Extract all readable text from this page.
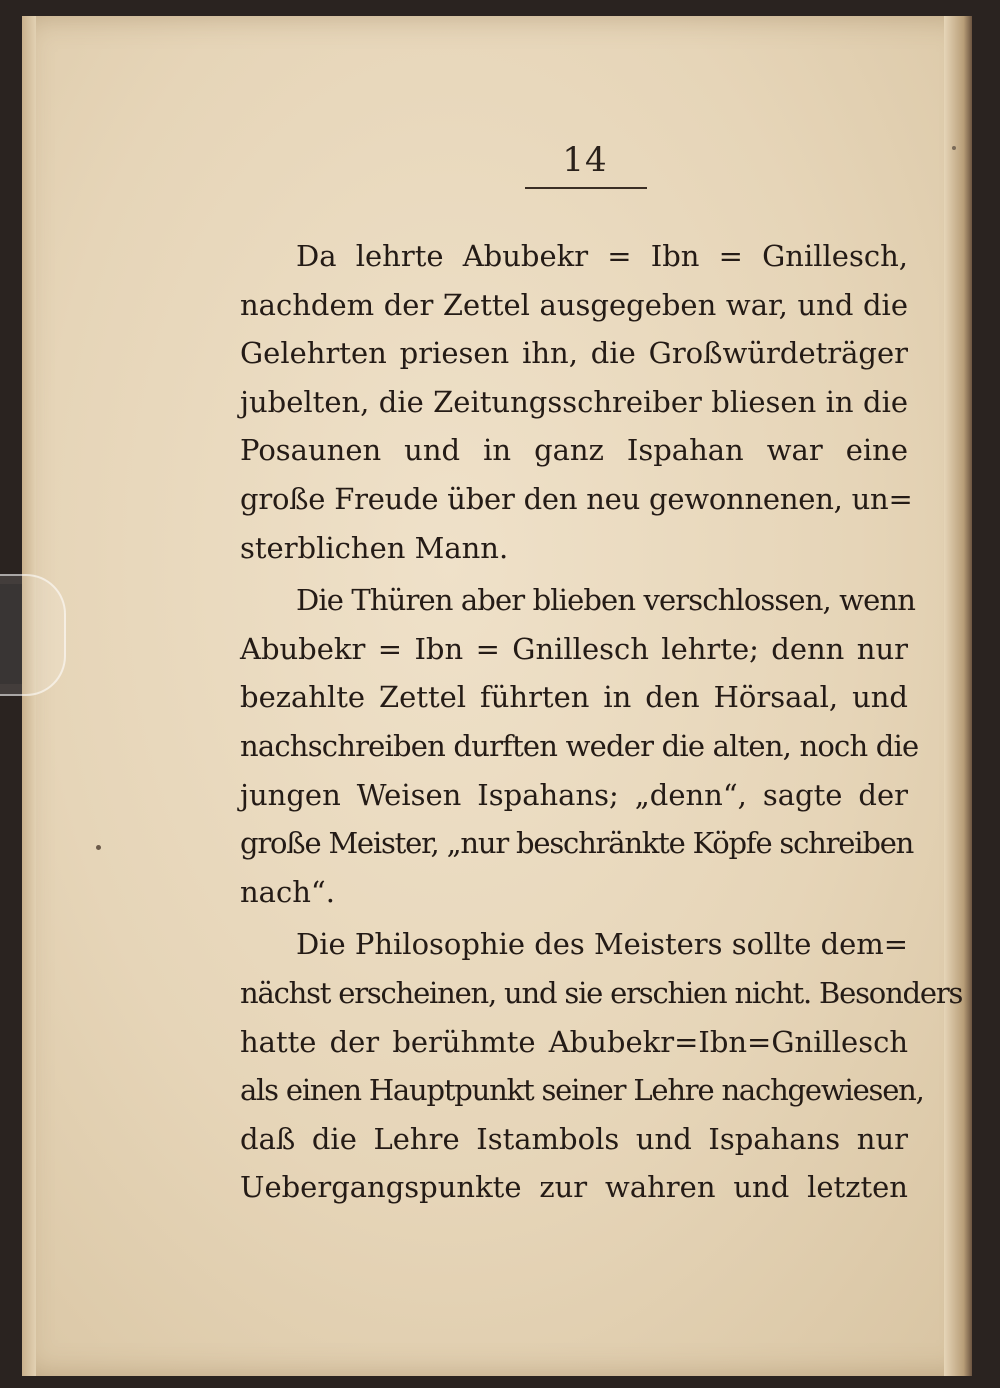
14
Da lehrte Abubekr = Ibn = Gnillesch,
nachdem der Zettel ausgegeben war, und die
Gelehrten priesen ihn, die Großwürdeträger
jubelten, die Zeitungsschreiber bliesen in die
Posaunen und in ganz Ispahan war eine
große Freude über den neu gewonnenen, un=
sterblichen Mann.
Die Thüren aber blieben verschlossen, wenn
Abubekr = Ibn = Gnillesch lehrte; denn nur
bezahlte Zettel führten in den Hörsaal, und
nachschreiben durften weder die alten, noch die
jungen Weisen Ispahans; „denn“, sagte der
große Meister, „nur beschränkte Köpfe schreiben
nach“.
Die Philosophie des Meisters sollte dem=
nächst erscheinen, und sie erschien nicht. Besonders
hatte der berühmte Abubekr=Ibn=Gnillesch
als einen Hauptpunkt seiner Lehre nachgewiesen,
daß die Lehre Istambols und Ispahans nur
Uebergangspunkte zur wahren und letzten
